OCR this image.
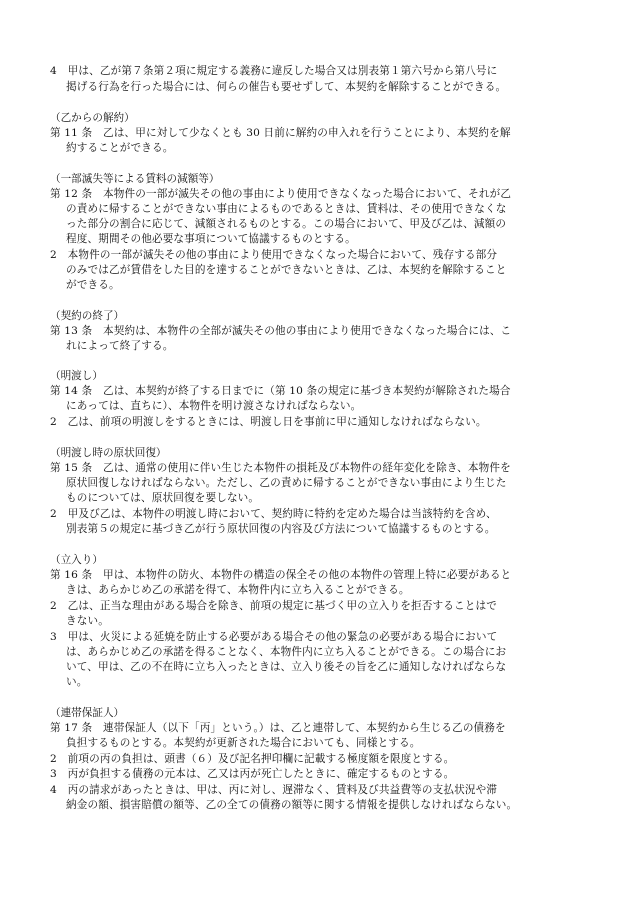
4　甲は、乙が第７条第２項に規定する義務に違反した場合又は別表第１第六号から第八号に
掲げる行為を行った場合には、何らの催告も要せずして、本契約を解除することができる。
（乙からの解約）
第 11 条　乙は、甲に対して少なくとも 30 日前に解約の申入れを行うことにより、本契約を解
約することができる。
（一部滅失等による賃料の減額等）
第 12 条　本物件の一部が滅失その他の事由により使用できなくなった場合において、それが乙
の責めに帰することができない事由によるものであるときは、賃料は、その使用できなくな
った部分の割合に応じて、減額されるものとする。この場合において、甲及び乙は、減額の
程度、期間その他必要な事項について協議するものとする。
2　本物件の一部が滅失その他の事由により使用できなくなった場合において、残存する部分
のみでは乙が賃借をした目的を達することができないときは、乙は、本契約を解除すること
ができる。
（契約の終了）
第 13 条　本契約は、本物件の全部が滅失その他の事由により使用できなくなった場合には、こ
れによって終了する。
（明渡し）
第 14 条　乙は、本契約が終了する日までに（第 10 条の規定に基づき本契約が解除された場合
にあっては、直ちに）、本物件を明け渡さなければならない。
2　乙は、前項の明渡しをするときには、明渡し日を事前に甲に通知しなければならない。
（明渡し時の原状回復）
第 15 条　乙は、通常の使用に伴い生じた本物件の損耗及び本物件の経年変化を除き、本物件を
原状回復しなければならない。ただし、乙の責めに帰することができない事由により生じた
ものについては、原状回復を要しない。
2　甲及び乙は、本物件の明渡し時において、契約時に特約を定めた場合は当該特約を含め、
別表第５の規定に基づき乙が行う原状回復の内容及び方法について協議するものとする。
（立入り）
第 16 条　甲は、本物件の防火、本物件の構造の保全その他の本物件の管理上特に必要があると
きは、あらかじめ乙の承諾を得て、本物件内に立ち入ることができる。
2　乙は、正当な理由がある場合を除き、前項の規定に基づく甲の立入りを拒否することはで
きない。
3　甲は、火災による延焼を防止する必要がある場合その他の緊急の必要がある場合において
は、あらかじめ乙の承諾を得ることなく、本物件内に立ち入ることができる。この場合にお
いて、甲は、乙の不在時に立ち入ったときは、立入り後その旨を乙に通知しなければならな
い。
（連帯保証人）
第 17 条　連帯保証人（以下「丙」という。）は、乙と連帯して、本契約から生じる乙の債務を
負担するものとする。本契約が更新された場合においても、同様とする。
2　前項の丙の負担は、頭書（６）及び記名押印欄に記載する極度額を限度とする。
3　丙が負担する債務の元本は、乙又は丙が死亡したときに、確定するものとする。
4　丙の請求があったときは、甲は、丙に対し、遅滞なく、賃料及び共益費等の支払状況や滞
納金の額、損害賠償の額等、乙の全ての債務の額等に関する情報を提供しなければならない。
